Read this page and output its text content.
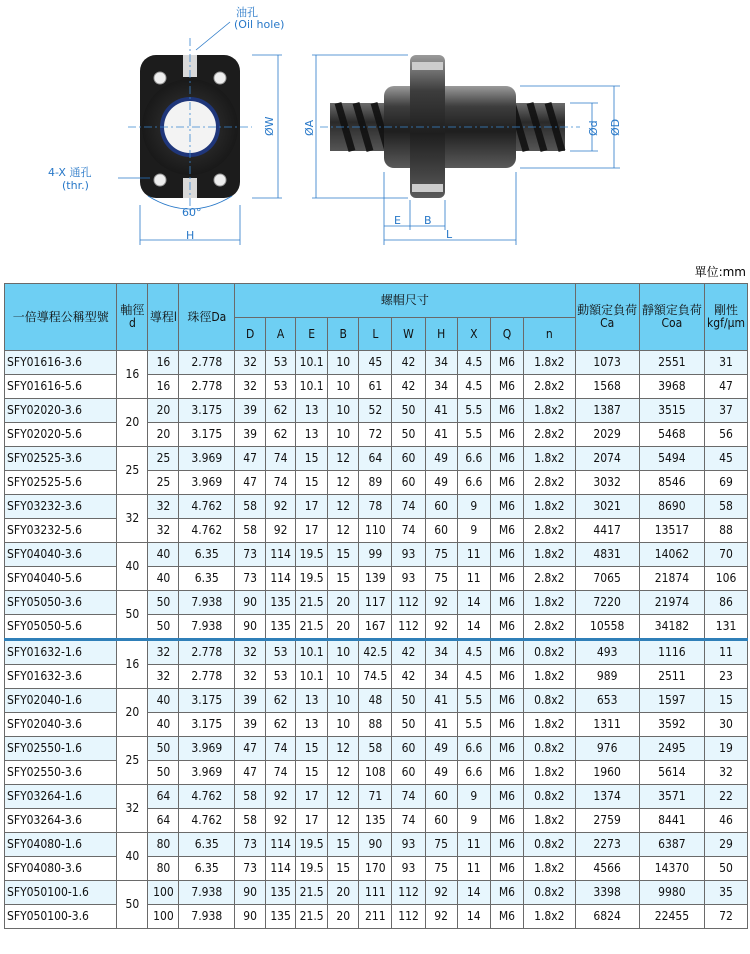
油孔
(Oil hole)
4-X 通孔
(thr.)
60°
H
ØW ØA	Ød ØD
E B
L
單位:mm
一倍導程公稱型號	軸徑d	導程l	珠徑Da	螺帽尺寸										動額定負荷Ca	靜額定負荷Coa	剛性kgf/μm
				D	A	E	B	L	W	H	X	Q	n			
SFY01616-3.6	16	16	2.778	32	53	10.1	10	45	42	34	4.5	M6	1.8x2	1073	2551	31
SFY01616-5.6		16	2.778	32	53	10.1	10	61	42	34	4.5	M6	2.8x2	1568	3968	47
SFY02020-3.6	20	20	3.175	39	62	13	10	52	50	41	5.5	M6	1.8x2	1387	3515	37
SFY02020-5.6		20	3.175	39	62	13	10	72	50	41	5.5	M6	2.8x2	2029	5468	56
SFY02525-3.6	25	25	3.969	47	74	15	12	64	60	49	6.6	M6	1.8x2	2074	5494	45
SFY02525-5.6		25	3.969	47	74	15	12	89	60	49	6.6	M6	2.8x2	3032	8546	69
SFY03232-3.6	32	32	4.762	58	92	17	12	78	74	60	9	M6	1.8x2	3021	8690	58
SFY03232-5.6		32	4.762	58	92	17	12	110	74	60	9	M6	2.8x2	4417	13517	88
SFY04040-3.6	40	40	6.35	73	114	19.5	15	99	93	75	11	M6	1.8x2	4831	14062	70
SFY04040-5.6		40	6.35	73	114	19.5	15	139	93	75	11	M6	2.8x2	7065	21874	106
SFY05050-3.6	50	50	7.938	90	135	21.5	20	117	112	92	14	M6	1.8x2	7220	21974	86
SFY05050-5.6		50	7.938	90	135	21.5	20	167	112	92	14	M6	2.8x2	10558	34182	131
SFY01632-1.6	16	32	2.778	32	53	10.1	10	42.5	42	34	4.5	M6	0.8x2	493	1116	11
SFY01632-3.6		32	2.778	32	53	10.1	10	74.5	42	34	4.5	M6	1.8x2	989	2511	23
SFY02040-1.6	20	40	3.175	39	62	13	10	48	50	41	5.5	M6	0.8x2	653	1597	15
SFY02040-3.6		40	3.175	39	62	13	10	88	50	41	5.5	M6	1.8x2	1311	3592	30
SFY02550-1.6	25	50	3.969	47	74	15	12	58	60	49	6.6	M6	0.8x2	976	2495	19
SFY02550-3.6		50	3.969	47	74	15	12	108	60	49	6.6	M6	1.8x2	1960	5614	32
SFY03264-1.6	32	64	4.762	58	92	17	12	71	74	60	9	M6	0.8x2	1374	3571	22
SFY03264-3.6		64	4.762	58	92	17	12	135	74	60	9	M6	1.8x2	2759	8441	46
SFY04080-1.6	40	80	6.35	73	114	19.5	15	90	93	75	11	M6	0.8x2	2273	6387	29
SFY04080-3.6		80	6.35	73	114	19.5	15	170	93	75	11	M6	1.8x2	4566	14370	50
SFY050100-1.6	50	100	7.938	90	135	21.5	20	111	112	92	14	M6	0.8x2	3398	9980	35
SFY050100-3.6		100	7.938	90	135	21.5	20	211	112	92	14	M6	1.8x2	6824	22455	72
